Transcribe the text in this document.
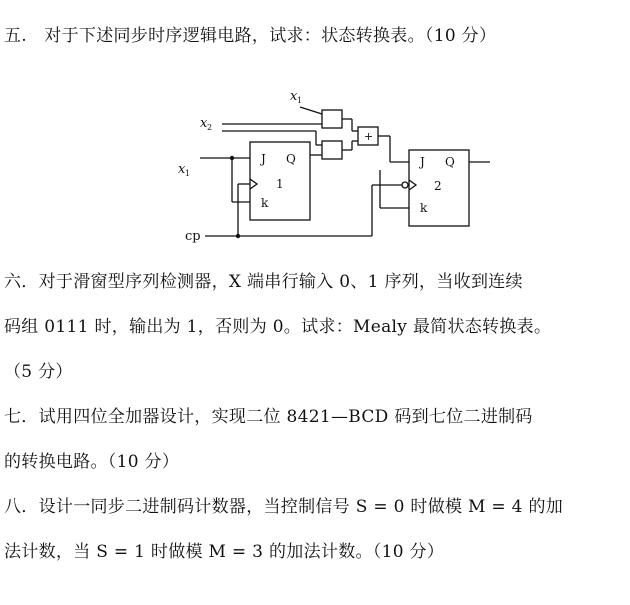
五.　对于下述同步时序逻辑电路，试求：状态转换表。（10 分）
x 1
x 2
x 1
cp
+
J Q
1
k
J Q
2
k
六．对于滑窗型序列检测器，X 端串行输入 0、1 序列，当收到连续
码组 0111 时，输出为 1，否则为 0。试求：Mealy 最简状态转换表。
（5 分）
七．试用四位全加器设计，实现二位 8421—BCD 码到七位二进制码
的转换电路。（10 分）
八．设计一同步二进制码计数器，当控制信号 S = 0 时做模 M = 4 的加
法计数，当 S = 1 时做模 M = 3 的加法计数。（10 分）
